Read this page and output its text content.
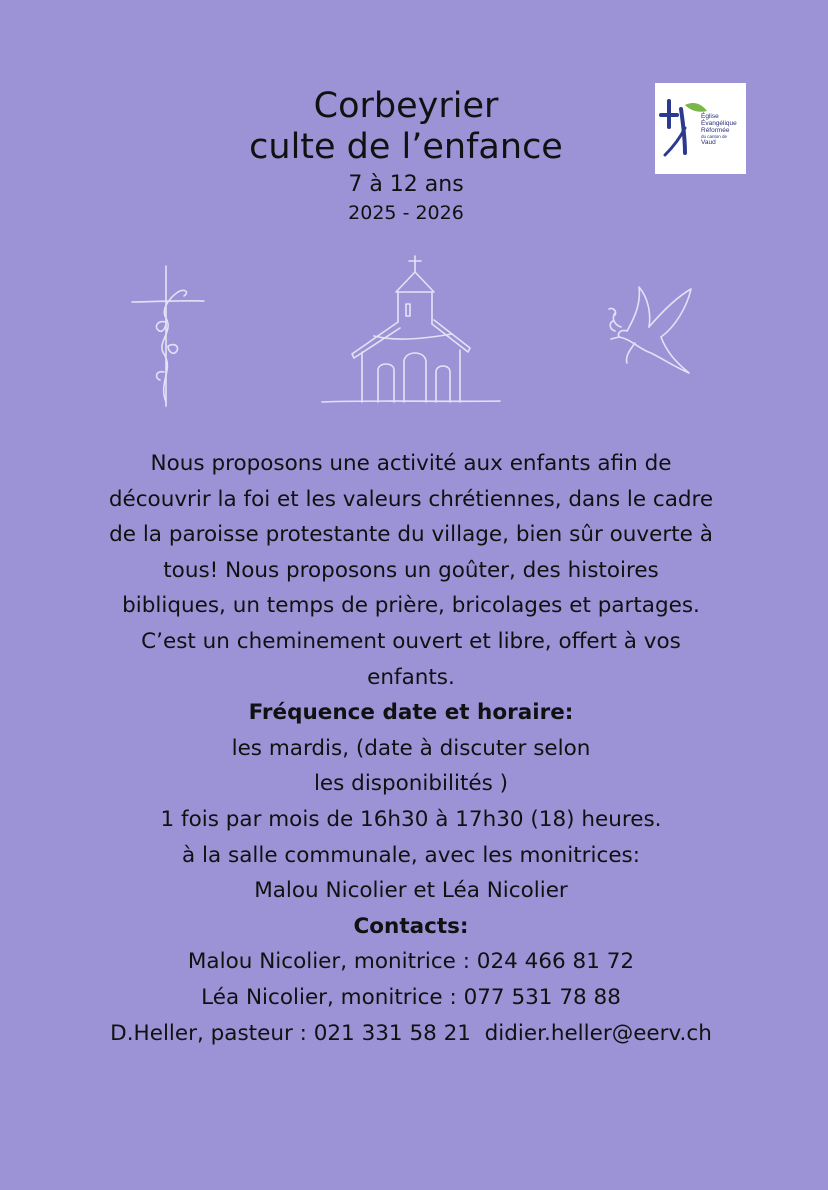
Corbeyrier
culte de l’enfance
7 à 12 ans
2025 - 2026
Église
Évangélique
Réformée
du canton de
Vaud

Nous proposons une activité aux enfants afin de

découvrir la foi et les valeurs chrétiennes, dans le cadre

de la paroisse protestante du village, bien sûr ouverte à

tous! Nous proposons un goûter, des histoires

bibliques, un temps de prière, bricolages et partages.

C’est un cheminement ouvert et libre, offert à vos

enfants.

Fréquence date et horaire:

les mardis, (date à discuter selon

les disponibilités )

1 fois par mois de 16h30 à 17h30 (18) heures.

à la salle communale, avec les monitrices:

Malou Nicolier et Léa Nicolier

Contacts:

Malou Nicolier, monitrice : 024 466 81 72

Léa Nicolier, monitrice : 077 531 78 88

D.Heller, pasteur : 021 331 58 21  didier.heller@eerv.ch
